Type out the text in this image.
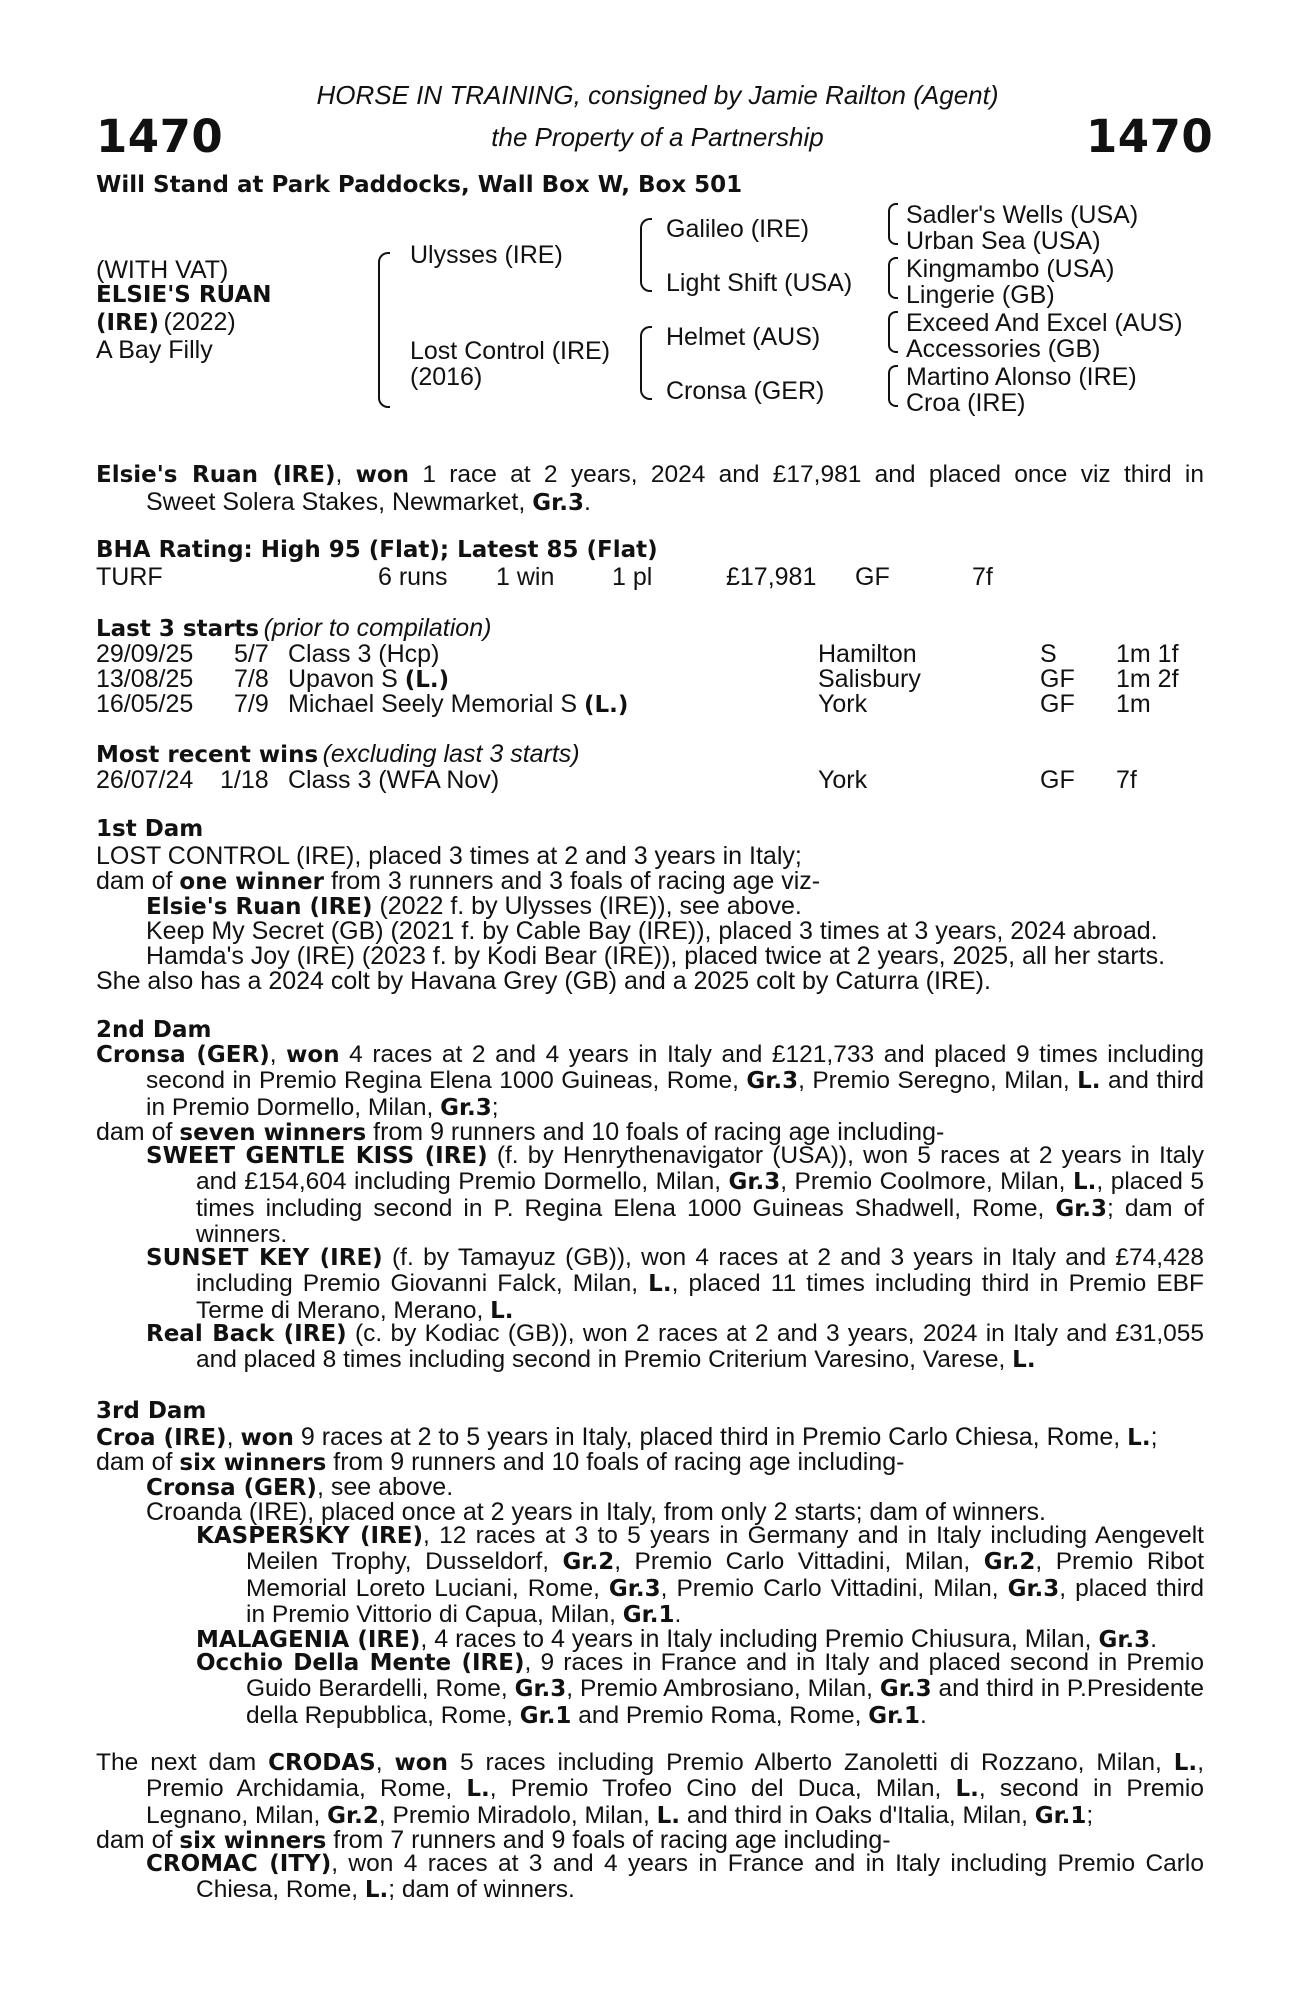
1470	1470
HORSE IN TRAINING, consigned by Jamie Railton (Agent)
the Property of a Partnership
Will Stand at Park Paddocks, Wall Box W, Box 501
(WITH VAT)
ELSIE'S RUAN
(IRE) (2022)
A Bay Filly
Ulysses (IRE)
Lost Control (IRE)
(2016)
Galileo (IRE)
Light Shift (USA)
Helmet (AUS)
Cronsa (GER)
Sadler's Wells (USA)
Urban Sea (USA)
Kingmambo (USA)
Lingerie (GB)
Exceed And Excel (AUS)
Accessories (GB)
Martino Alonso (IRE)
Croa (IRE)
Elsie's Ruan (IRE), won 1 race at 2 years, 2024 and £17,981 and placed once viz third in
Sweet Solera Stakes, Newmarket, Gr.3.
BHA Rating: High 95 (Flat); Latest 85 (Flat)
TURF	6 runs 1 win 1 pl	£17,981 GF	7f
Last 3 starts (prior to compilation)
29/09/25 5/7 Class 3 (Hcp)	Hamilton	S 1m 1f
13/08/25 7/8 Upavon S (L.)	Salisbury	GF 1m 2f
16/05/25 7/9 Michael Seely Memorial S (L.)	York	GF 1m
Most recent wins (excluding last 3 starts)
26/07/24 1/18 Class 3 (WFA Nov)	York	GF 7f
1st Dam
LOST CONTROL (IRE), placed 3 times at 2 and 3 years in Italy;
dam of one winner from 3 runners and 3 foals of racing age viz-
Elsie's Ruan (IRE) (2022 f. by Ulysses (IRE)), see above.
Keep My Secret (GB) (2021 f. by Cable Bay (IRE)), placed 3 times at 3 years, 2024 abroad.
Hamda's Joy (IRE) (2023 f. by Kodi Bear (IRE)), placed twice at 2 years, 2025, all her starts.
She also has a 2024 colt by Havana Grey (GB) and a 2025 colt by Caturra (IRE).
2nd Dam
Cronsa (GER), won 4 races at 2 and 4 years in Italy and £121,733 and placed 9 times including second in Premio Regina Elena 1000 Guineas, Rome, Gr.3, Premio Seregno, Milan, L. and third in Premio Dormello, Milan, Gr.3;
dam of seven winners from 9 runners and 10 foals of racing age including-
SWEET GENTLE KISS (IRE) (f. by Henrythenavigator (USA)), won 5 races at 2 years in Italy and £154,604 including Premio Dormello, Milan, Gr.3, Premio Coolmore, Milan, L., placed 5 times including second in P. Regina Elena 1000 Guineas Shadwell, Rome, Gr.3; dam of winners.
SUNSET KEY (IRE) (f. by Tamayuz (GB)), won 4 races at 2 and 3 years in Italy and £74,428 including Premio Giovanni Falck, Milan, L., placed 11 times including third in Premio EBF Terme di Merano, Merano, L.
Real Back (IRE) (c. by Kodiac (GB)), won 2 races at 2 and 3 years, 2024 in Italy and £31,055 and placed 8 times including second in Premio Criterium Varesino, Varese, L.
3rd Dam
Croa (IRE), won 9 races at 2 to 5 years in Italy, placed third in Premio Carlo Chiesa, Rome, L.;
dam of six winners from 9 runners and 10 foals of racing age including-
Cronsa (GER), see above.
Croanda (IRE), placed once at 2 years in Italy, from only 2 starts; dam of winners.
KASPERSKY (IRE), 12 races at 3 to 5 years in Germany and in Italy including Aengevelt Meilen Trophy, Dusseldorf, Gr.2, Premio Carlo Vittadini, Milan, Gr.2, Premio Ribot Memorial Loreto Luciani, Rome, Gr.3, Premio Carlo Vittadini, Milan, Gr.3, placed third in Premio Vittorio di Capua, Milan, Gr.1.
MALAGENIA (IRE), 4 races to 4 years in Italy including Premio Chiusura, Milan, Gr.3.
Occhio Della Mente (IRE), 9 races in France and in Italy and placed second in Premio Guido Berardelli, Rome, Gr.3, Premio Ambrosiano, Milan, Gr.3 and third in P.Presidente della Repubblica, Rome, Gr.1 and Premio Roma, Rome, Gr.1.
The next dam CRODAS, won 5 races including Premio Alberto Zanoletti di Rozzano, Milan, L., Premio Archidamia, Rome, L., Premio Trofeo Cino del Duca, Milan, L., second in Premio Legnano, Milan, Gr.2, Premio Miradolo, Milan, L. and third in Oaks d'Italia, Milan, Gr.1;
dam of six winners from 7 runners and 9 foals of racing age including-
CROMAC (ITY), won 4 races at 3 and 4 years in France and in Italy including Premio Carlo Chiesa, Rome, L.; dam of winners.
